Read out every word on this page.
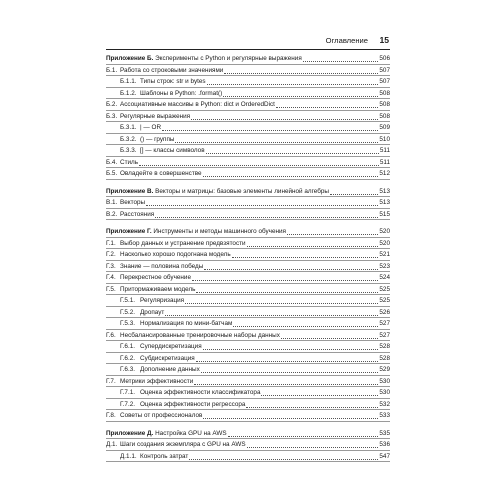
Оглавление 15
Приложение Б. Эксперименты с Python и регулярные выражения	506
Б.1. Работа со строковыми значениями	507
Б.1.1. Типы строк: str и bytes	507
Б.1.2. Шаблоны в Python: .format()	508
Б.2. Ассоциативные массивы в Python: dict и OrderedDict	508
Б.3. Регулярные выражения	508
Б.3.1. | — OR	509
Б.3.2. () — группы	510
Б.3.3. [] — классы символов	511
Б.4. Стиль	511
Б.5. Овладейте в совершенстве	512
Приложение В. Векторы и матрицы: базовые элементы линейной алгебры	513
В.1. Векторы	513
В.2. Расстояния	515
Приложение Г. Инструменты и методы машинного обучения	520
Г.1. Выбор данных и устранение предвзятости	520
Г.2. Насколько хорошо подогнана модель	521
Г.3. Знание — половина победы	523
Г.4. Перекрестное обучение	524
Г.5. Притормаживаем модель	525
Г.5.1. Регуляризация	525
Г.5.2. Дропаут	526
Г.5.3. Нормализация по мини-батчам	527
Г.6. Несбалансированные тренировочные наборы данных	527
Г.6.1. Супердискретизация	528
Г.6.2. Субдискретизация	528
Г.6.3. Дополнение данных	529
Г.7. Метрики эффективности	530
Г.7.1. Оценка эффективности классификатора	530
Г.7.2. Оценка эффективности регрессора	532
Г.8. Советы от профессионалов	533
Приложение Д. Настройка GPU на AWS	535
Д.1. Шаги создания экземпляра с GPU на AWS	536
Д.1.1. Контроль затрат	547
